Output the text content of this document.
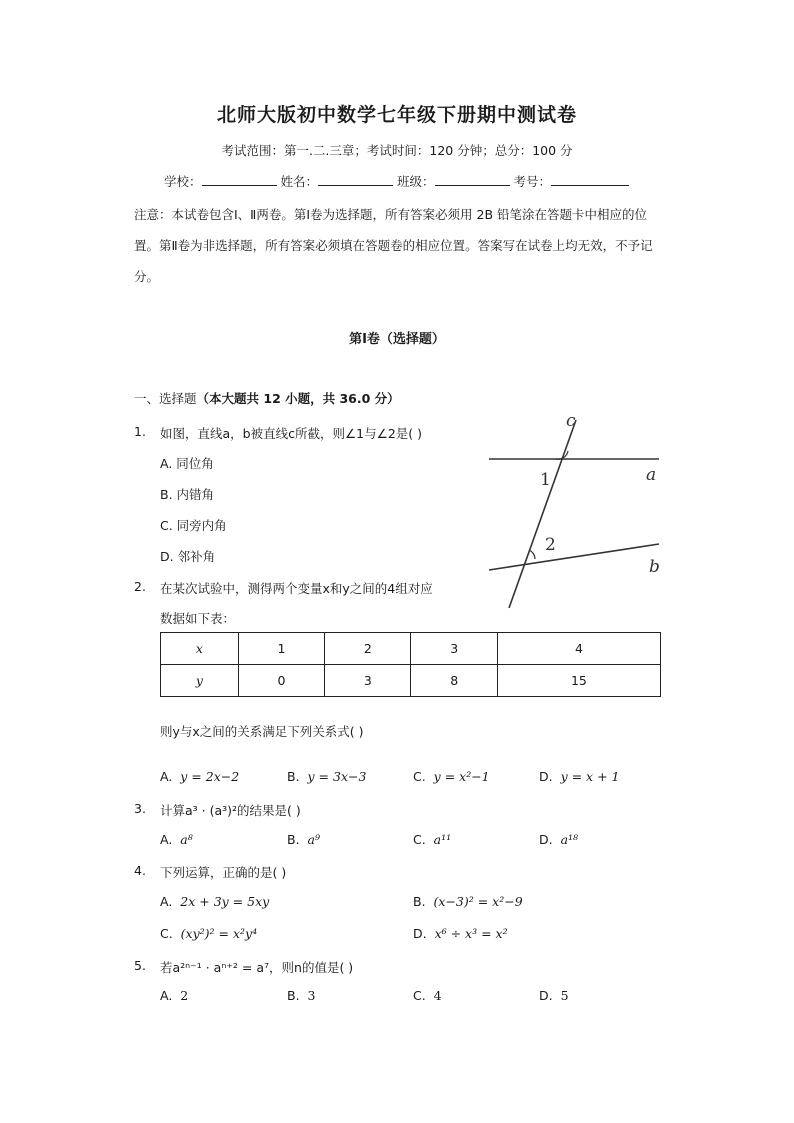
北师大版初中数学七年级下册期中测试卷
考试范围：第一.二.三章；考试时间：120 分钟；总分：100 分
学校：	姓名：	班级：	考号：
注意：本试卷包含Ⅰ、Ⅱ两卷。第Ⅰ卷为选择题，所有答案必须用 2B 铅笔涂在答题卡中相应的位置。第Ⅱ卷为非选择题，所有答案必须填在答题卷的相应位置。答案写在试卷上均无效，不予记分。
第Ⅰ卷（选择题）
一、选择题（本大题共 12 小题，共 36.0 分）
1. 如图，直线a，b被直线c所截，则∠1与∠2是( )
A. 同位角
B. 内错角
C. 同旁内角
D. 邻补角
c
a
b
1
2
2. 在某次试验中，测得两个变量x和y之间的4组对应
数据如下表：
x	1	2	3	4
y	0	3	8	15
则y与x之间的关系满足下列关系式( )
A. y = 2x−2	B. y = 3x−3	C. y = x²−1	D. y = x + 1
3. 计算a³ · (a³)²的结果是( )
A. a⁸	B. a⁹	C. a¹¹	D. a¹⁸
4. 下列运算，正确的是( )
A. 2x + 3y = 5xy	B. (x−3)² = x²−9
C. (xy²)² = x²y⁴	D. x⁶ ÷ x³ = x²
5. 若a²ⁿ⁻¹ · aⁿ⁺² = a⁷，则n的值是( )
A. 2	B. 3	C. 4	D. 5
